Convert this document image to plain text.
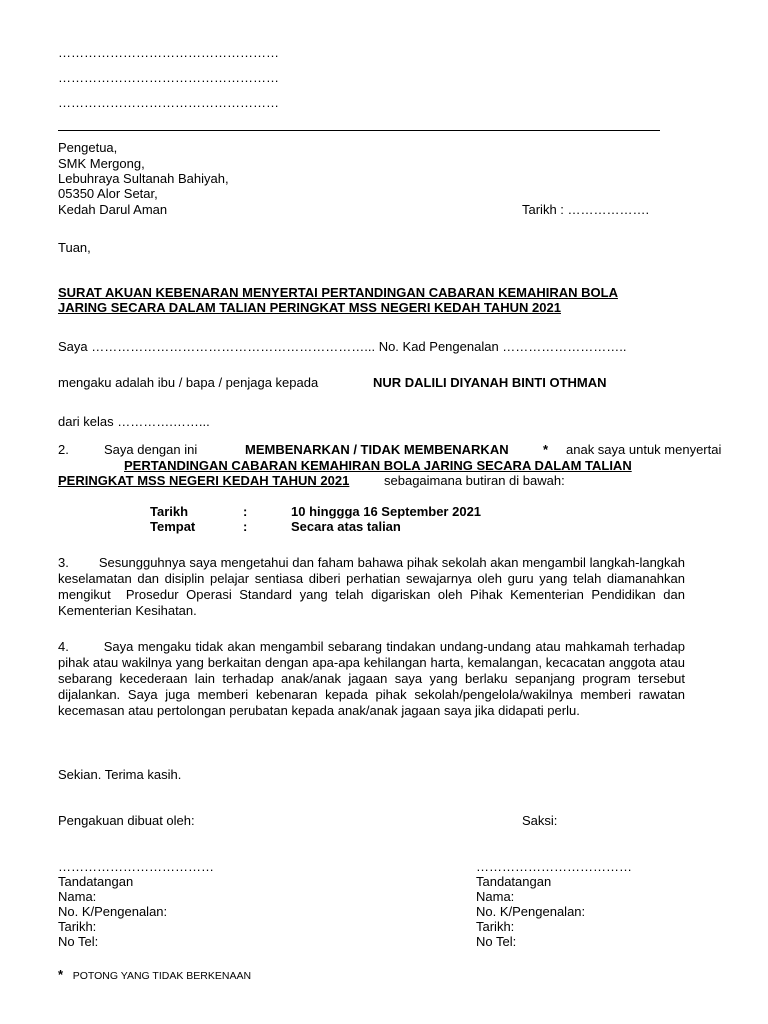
……………………………………………
……………………………………………
……………………………………………
Pengetua,
SMK Mergong,
Lebuhraya Sultanah Bahiyah,
05350 Alor Setar,
Kedah Darul Aman	Tarikh : ……………….
Tuan,
SURAT AKUAN KEBENARAN MENYERTAI PERTANDINGAN CABARAN KEMAHIRAN BOLA
JARING SECARA DALAM TALIAN PERINGKAT MSS NEGERI KEDAH TAHUN 2021
Saya ………………………………………………………... No. Kad Pengenalan ………………………..
mengaku adalah ibu / bapa / penjaga kepada	NUR DALILI DIYANAH BINTI OTHMAN
dari kelas ………….……...
2.	Saya dengan ini	MEMBENARKAN / TIDAK MEMBENARKAN	* anak saya untuk menyertai
PERTANDINGAN CABARAN KEMAHIRAN BOLA JARING SECARA DALAM TALIAN
PERINGKAT MSS NEGERI KEDAH TAHUN 2021	sebagaimana butiran di bawah:
Tarikh	:	10 hinggga 16 September 2021
Tempat	:	Secara atas talian
3.        Sesungguhnya saya mengetahui dan faham bahawa pihak sekolah akan mengambil langkah-langkah keselamatan dan disiplin pelajar sentiasa diberi perhatian sewajarnya oleh guru yang telah diamanahkan mengikut  Prosedur Operasi Standard yang telah digariskan oleh Pihak Kementerian Pendidikan dan Kementerian Kesihatan.
4.        Saya mengaku tidak akan mengambil sebarang tindakan undang-undang atau mahkamah terhadap pihak atau wakilnya yang berkaitan dengan apa-apa kehilangan harta, kemalangan, kecacatan anggota atau sebarang kecederaan lain terhadap anak/anak jagaan saya yang berlaku sepanjang program tersebut dijalankan. Saya juga memberi kebenaran kepada pihak sekolah/pengelola/wakilnya memberi rawatan kecemasan atau pertolongan perubatan kepada anak/anak jagaan saya jika didapati perlu.
Sekian. Terima kasih.
Pengakuan dibuat oleh:	Saksi:
………………………………
Tandatangan
Nama:
No. K/Pengenalan:
Tarikh:
No Tel:
………………………………
Tandatangan
Nama:
No. K/Pengenalan:
Tarikh:
No Tel:
* POTONG YANG TIDAK BERKENAAN
